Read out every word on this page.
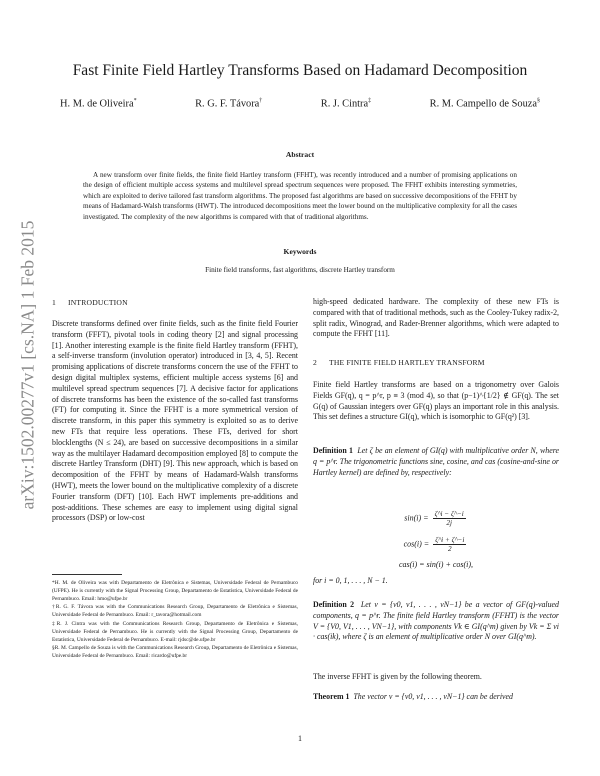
arXiv:1502.00277v1 [cs.NA] 1 Feb 2015
Fast Finite Field Hartley Transforms Based on Hadamard Decomposition
H. M. de Oliveira*	R. G. F. Távora†	R. J. Cintra‡	R. M. Campello de Souza§
Abstract
A new transform over finite fields, the finite field Hartley transform (FFHT), was recently introduced and a number of promising applications on the design of efficient multiple access systems and multilevel spread spectrum sequences were proposed. The FFHT exhibits interesting symmetries, which are exploited to derive tailored fast transform algorithms. The proposed fast algorithms are based on successive decompositions of the FFHT by means of Hadamard-Walsh transforms (HWT). The introduced decompositions meet the lower bound on the multiplicative complexity for all the cases investigated. The complexity of the new algorithms is compared with that of traditional algorithms.
Keywords
Finite field transforms, fast algorithms, discrete Hartley transform
1 INTRODUCTION
Discrete transforms defined over finite fields, such as the finite field Fourier transform (FFFT), pivotal tools in coding theory [2] and signal processing [1]. Another interesting example is the finite field Hartley transform (FFHT), a self-inverse transform (involution operator) introduced in [3, 4, 5]. Recent promising applications of discrete transforms concern the use of the FFHT to design digital multiplex systems, efficient multiple access systems [6] and multilevel spread spectrum sequences [7]. A decisive factor for applications of discrete transforms has been the existence of the so-called fast transforms (FT) for computing it. Since the FFHT is a more symmetrical version of discrete transform, in this paper this symmetry is exploited so as to derive new FTs that require less operations. These FTs, derived for short blocklengths (N ≤ 24), are based on successive decompositions in a similar way as the multilayer Hadamard decomposition employed [8] to compute the discrete Hartley Transform (DHT) [9]. This new approach, which is based on decomposition of the FFHT by means of Hadamard-Walsh transforms (HWT), meets the lower bound on the multiplicative complexity of a discrete Fourier transform (DFT) [10]. Each HWT implements pre-additions and post-additions. These schemes are easy to implement using digital signal processors (DSP) or low-cost

*H. M. de Oliveira was with Departamento de Eletrônica e Sistemas, Universidade Federal de Pernambuco (UFPE). He is currently with the Signal Processing Group, Departamento de Estatística, Universidade Federal de Pernambuco. Email: hmo@ufpe.br

†R. G. F. Távora was with the Communications Research Group, Departamento de Eletrônica e Sistemas, Universidade Federal de Pernambuco. Email: r_tavora@hotmail.com

‡R. J. Cintra was with the Communications Research Group, Departamento de Eletrônica e Sistemas, Universidade Federal de Pernambuco. He is currently with the Signal Processing Group, Departamento de Estatística, Universidade Federal de Pernambuco. E-mail: rjdsc@de.ufpe.br

§R. M. Campello de Souza is with the Communications Research Group, Departamento de Eletrônica e Sistemas, Universidade Federal de Pernambuco. Email: ricardo@ufpe.br

high-speed dedicated hardware. The complexity of these new FTs is compared with that of traditional methods, such as the Cooley-Tukey radix-2, split radix, Winograd, and Rader-Brenner algorithms, which were adapted to compute the FFHT [11].
2 THE FINITE FIELD HARTLEY TRANSFORM
Finite field Hartley transforms are based on a trigonometry over Galois Fields GF(q), q = p^r, p ≡ 3 (mod 4), so that (p−1)^{1/2} ∉ GF(q). The set G(q) of Gaussian integers over GF(q) plays an important role in this analysis. This set defines a structure GI(q), which is isomorphic to GF(q²) [3].
Definition 1 Let ζ be an element of GI(q) with multiplicative order N, where q = p^r. The trigonometric functions sine, cosine, and cas (cosine-and-sine or Hartley kernel) are defined by, respectively:
$\sin(i) = \frac{\zeta\^{}i - \zeta\^{}-i}{2j}$
$\cos(i) = \frac{\zeta\^{}i + \zeta\^{}-i}{2}$
cas(i) = sin(i) + cos(i),
for i = 0, 1, . . . , N − 1.
Definition 2 Let v = {v0, v1, . . . , vN−1} be a vector of GF(q)-valued components, q = p^r. The finite field Hartley transform (FFHT) is the vector V = {V0, V1, . . . , VN−1}, with components Vk ∈ GI(q^m) given by Vk = Σ vi · cas(ik), where ζ is an element of multiplicative order N over GI(q^m).
The inverse FFHT is given by the following theorem.
Theorem 1 The vector v = {v0, v1, . . . , vN−1} can be derived
1
